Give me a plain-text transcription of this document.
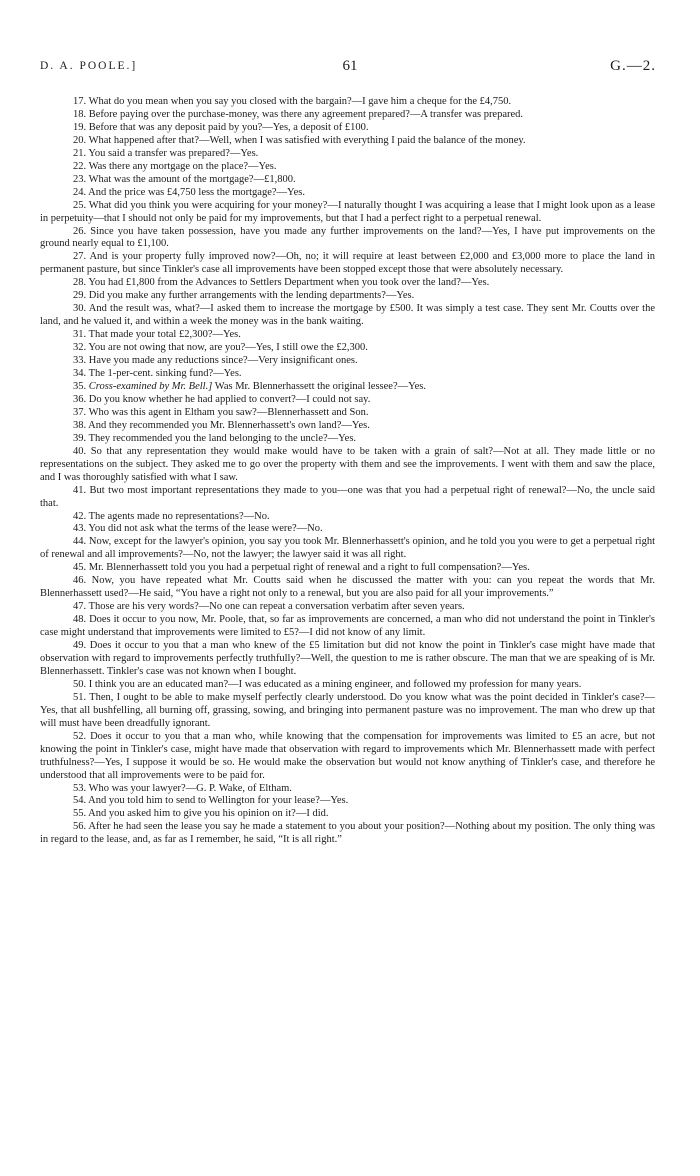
D. A. POOLE.]	61	G.—2.

17. What do you mean when you say you closed with the bargain?—I gave him a cheque for the £4,750.

18. Before paying over the purchase-money, was there any agreement prepared?—A transfer was prepared.

19. Before that was any deposit paid by you?—Yes, a deposit of £100.

20. What happened after that?—Well, when I was satisfied with everything I paid the balance of the money.

21. You said a transfer was prepared?—Yes.

22. Was there any mortgage on the place?—Yes.

23. What was the amount of the mortgage?—£1,800.

24. And the price was £4,750 less the mortgage?—Yes.

25. What did you think you were acquiring for your money?—I naturally thought I was acquiring a lease that I might look upon as a lease in perpetuity—that I should not only be paid for my improvements, but that I had a perfect right to a perpetual renewal.

26. Since you have taken possession, have you made any further improvements on the land?—Yes, I have put improvements on the ground nearly equal to £1,100.

27. And is your property fully improved now?—Oh, no; it will require at least between £2,000 and £3,000 more to place the land in permanent pasture, but since Tinkler's case all improvements have been stopped except those that were absolutely necessary.

28. You had £1,800 from the Advances to Settlers Department when you took over the land?—Yes.

29. Did you make any further arrangements with the lending departments?—Yes.

30. And the result was, what?—I asked them to increase the mortgage by £500. It was simply a test case. They sent Mr. Coutts over the land, and he valued it, and within a week the money was in the bank waiting.

31. That made your total £2,300?—Yes.

32. You are not owing that now, are you?—Yes, I still owe the £2,300.

33. Have you made any reductions since?—Very insignificant ones.

34. The 1-per-cent. sinking fund?—Yes.

35. Cross-examined by Mr. Bell.] Was Mr. Blennerhassett the original lessee?—Yes.

36. Do you know whether he had applied to convert?—I could not say.

37. Who was this agent in Eltham you saw?—Blennerhassett and Son.

38. And they recommended you Mr. Blennerhassett's own land?—Yes.

39. They recommended you the land belonging to the uncle?—Yes.

40. So that any representation they would make would have to be taken with a grain of salt?—Not at all. They made little or no representations on the subject. They asked me to go over the property with them and see the improvements. I went with them and saw the place, and I was thoroughly satisfied with what I saw.

41. But two most important representations they made to you—one was that you had a perpetual right of renewal?—No, the uncle said that.

42. The agents made no representations?—No.

43. You did not ask what the terms of the lease were?—No.

44. Now, except for the lawyer's opinion, you say you took Mr. Blennerhassett's opinion, and he told you you were to get a perpetual right of renewal and all improvements?—No, not the lawyer; the lawyer said it was all right.

45. Mr. Blennerhassett told you you had a perpetual right of renewal and a right to full compensation?—Yes.

46. Now, you have repeated what Mr. Coutts said when he discussed the matter with you: can you repeat the words that Mr. Blennerhassett used?—He said, “You have a right not only to a renewal, but you are also paid for all your improvements.”

47. Those are his very words?—No one can repeat a conversation verbatim after seven years.

48. Does it occur to you now, Mr. Poole, that, so far as improvements are concerned, a man who did not understand the point in Tinkler's case might understand that improvements were limited to £5?—I did not know of any limit.

49. Does it occur to you that a man who knew of the £5 limitation but did not know the point in Tinkler's case might have made that observation with regard to improvements perfectly truthfully?—Well, the question to me is rather obscure. The man that we are speaking of is Mr. Blennerhassett. Tinkler's case was not known when I bought.

50. I think you are an educated man?—I was educated as a mining engineer, and followed my profession for many years.

51. Then, I ought to be able to make myself perfectly clearly understood. Do you know what was the point decided in Tinkler's case?—Yes, that all bushfelling, all burning off, grassing, sowing, and bringing into permanent pasture was no improvement. The man who drew up that will must have been dreadfully ignorant.

52. Does it occur to you that a man who, while knowing that the compensation for improvements was limited to £5 an acre, but not knowing the point in Tinkler's case, might have made that observation with regard to improvements which Mr. Blennerhassett made with perfect truthfulness?—Yes, I suppose it would be so. He would make the observation but would not know anything of Tinkler's case, and therefore he understood that all improvements were to be paid for.

53. Who was your lawyer?—G. P. Wake, of Eltham.

54. And you told him to send to Wellington for your lease?—Yes.

55. And you asked him to give you his opinion on it?—I did.

56. After he had seen the lease you say he made a statement to you about your position?—Nothing about my position. The only thing was in regard to the lease, and, as far as I remember, he said, “It is all right.”
